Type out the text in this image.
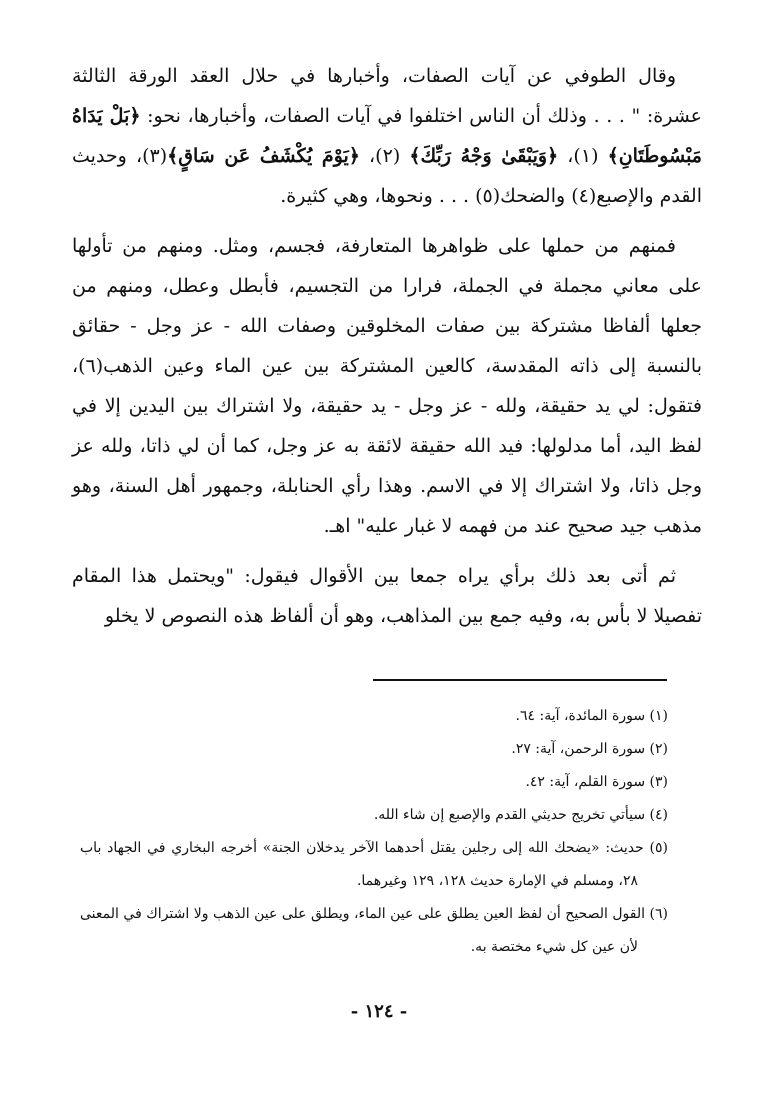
وقال الطوفي عن آيات الصفات، وأخبارها في حلال العقد الورقة الثالثة عشرة: " . . . وذلك أن الناس اختلفوا في آيات الصفات، وأخبارها، نحو: ﴿بَلْ يَدَاهُ مَبْسُوطَتَانِ﴾ (١)، ﴿وَيَبْقَىٰ وَجْهُ رَبِّكَ﴾ (٢)، ﴿يَوْمَ يُكْشَفُ عَن سَاقٍ﴾(٣)، وحديث القدم والإصبع(٤) والضحك(٥) . . . ونحوها، وهي كثيرة.

فمنهم من حملها على ظواهرها المتعارفة، فجسم، ومثل. ومنهم من تأولها على معاني مجملة في الجملة، فرارا من التجسيم، فأبطل وعطل، ومنهم من جعلها ألفاظا مشتركة بين صفات المخلوقين وصفات الله - عز وجل - حقائق بالنسبة إلى ذاته المقدسة، كالعين المشتركة بين عين الماء وعين الذهب(٦)، فتقول: لي يد حقيقة، ولله - عز وجل - يد حقيقة، ولا اشتراك بين اليدين إلا في لفظ اليد، أما مدلولها: فيد الله حقيقة لائقة به عز وجل، كما أن لي ذاتا، ولله عز وجل ذاتا، ولا اشتراك إلا في الاسم. وهذا رأي الحنابلة، وجمهور أهل السنة، وهو مذهب جيد صحيح عند من فهمه لا غبار عليه" اهـ.

ثم أتى بعد ذلك برأي يراه جمعا بين الأقوال فيقول: "ويحتمل هذا المقام تفصيلا لا بأس به، وفيه جمع بين المذاهب، وهو أن ألفاظ هذه النصوص لا يخلو

(١) سورة المائدة، آية: ٦٤.

(٢) سورة الرحمن، آية: ٢٧.

(٣) سورة القلم، آية: ٤٢.

(٤) سيأتي تخريج حديثي القدم والإصبع إن شاء الله.

(٥) حديث: «يضحك الله إلى رجلين يقتل أحدهما الآخر يدخلان الجنة» أخرجه البخاري في الجهاد باب ٢٨، ومسلم في الإمارة حديث ١٢٨، ١٢٩ وغيرهما.

(٦) القول الصحيح أن لفظ العين يطلق على عين الماء، ويطلق على عين الذهب ولا اشتراك في المعنى لأن عين كل شيء مختصة به.

- ١٢٤ -
